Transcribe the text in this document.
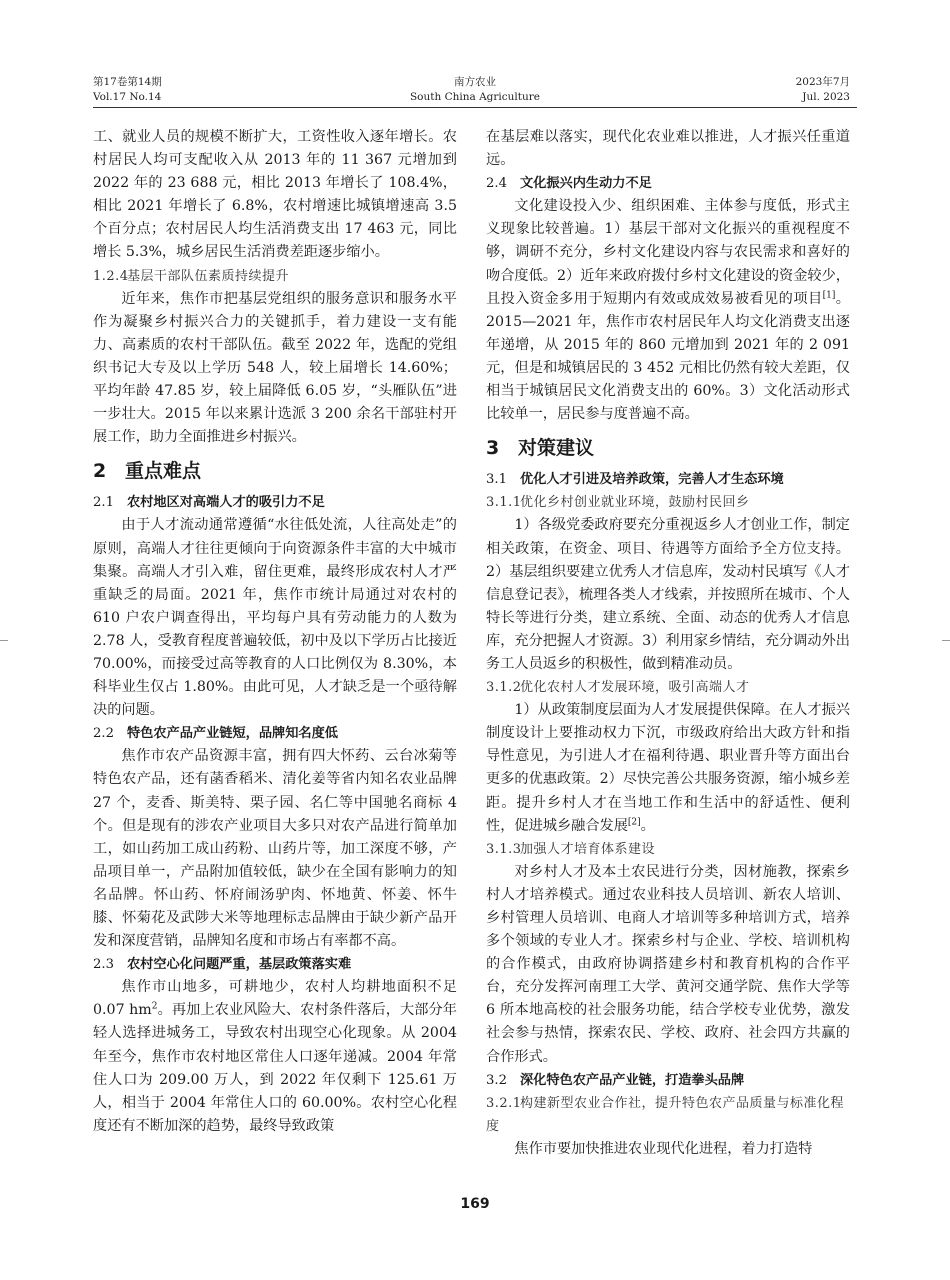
第17卷第14期
Vol.17 No.14
南方农业
South China Agriculture
2023年7月
Jul. 2023

工、就业人员的规模不断扩大，工资性收入逐年增长。农村居民人均可支配收入从 2013 年的 11 367 元增加到 2022 年的 23 688 元，相比 2013 年增长了 108.4%，相比 2021 年增长了 6.8%，农村增速比城镇增速高 3.5 个百分点；农村居民人均生活消费支出 17 463 元，同比增长 5.3%，城乡居民生活消费差距逐步缩小。

1.2.4基层干部队伍素质持续提升

近年来，焦作市把基层党组织的服务意识和服务水平作为凝聚乡村振兴合力的关键抓手，着力建设一支有能力、高素质的农村干部队伍。截至 2022 年，选配的党组织书记大专及以上学历 548 人，较上届增长 14.60%；平均年龄 47.85 岁，较上届降低 6.05 岁，“头雁队伍”进一步壮大。2015 年以来累计选派 3 200 余名干部驻村开展工作，助力全面推进乡村振兴。

2 重点难点
2.1 农村地区对高端人才的吸引力不足

由于人才流动通常遵循“水往低处流，人往高处走”的原则，高端人才往往更倾向于向资源条件丰富的大中城市集聚。高端人才引入难，留住更难，最终形成农村人才严重缺乏的局面。2021 年，焦作市统计局通过对农村的 610 户农户调查得出，平均每户具有劳动能力的人数为 2.78 人，受教育程度普遍较低，初中及以下学历占比接近 70.00%，而接受过高等教育的人口比例仅为 8.30%，本科毕业生仅占 1.80%。由此可见，人才缺乏是一个亟待解决的问题。

2.2 特色农产品产业链短，品牌知名度低

焦作市农产品资源丰富，拥有四大怀药、云台冰菊等特色农产品，还有菡香稻米、清化姜等省内知名农业品牌 27 个，麦香、斯美特、栗子园、名仁等中国驰名商标 4 个。但是现有的涉农产业项目大多只对农产品进行简单加工，如山药加工成山药粉、山药片等，加工深度不够，产品项目单一，产品附加值较低，缺少在全国有影响力的知名品牌。怀山药、怀府闹汤驴肉、怀地黄、怀姜、怀牛膝、怀菊花及武陟大米等地理标志品牌由于缺少新产品开发和深度营销，品牌知名度和市场占有率都不高。

2.3 农村空心化问题严重，基层政策落实难

焦作市山地多，可耕地少，农村人均耕地面积不足 0.07 $hm^2$。再加上农业风险大、农村条件落后，大部分年轻人选择进城务工，导致农村出现空心化现象。从 2004 年至今，焦作市农村地区常住人口逐年递减。2004 年常住人口为 209.00 万人，到 2022 年仅剩下 125.61 万人，相当于 2004 年常住人口的 60.00%。农村空心化程度还有不断加深的趋势，最终导致政策

在基层难以落实，现代化农业难以推进，人才振兴任重道远。

2.4 文化振兴内生动力不足

文化建设投入少、组织困难、主体参与度低，形式主义现象比较普遍。1）基层干部对文化振兴的重视程度不够，调研不充分，乡村文化建设内容与农民需求和喜好的吻合度低。2）近年来政府拨付乡村文化建设的资金较少，且投入资金多用于短期内有效或成效易被看见的项目[1]。2015—2021 年，焦作市农村居民年人均文化消费支出逐年递增，从 2015 年的 860 元增加到 2021 年的 2 091 元，但是和城镇居民的 3 452 元相比仍然有较大差距，仅相当于城镇居民文化消费支出的 60%。3）文化活动形式比较单一，居民参与度普遍不高。

3 对策建议
3.1 优化人才引进及培养政策，完善人才生态环境
3.1.1优化乡村创业就业环境，鼓励村民回乡

1）各级党委政府要充分重视返乡人才创业工作，制定相关政策，在资金、项目、待遇等方面给予全方位支持。2）基层组织要建立优秀人才信息库，发动村民填写《人才信息登记表》，梳理各类人才线索，并按照所在城市、个人特长等进行分类，建立系统、全面、动态的优秀人才信息库，充分把握人才资源。3）利用家乡情结，充分调动外出务工人员返乡的积极性，做到精准动员。

3.1.2优化农村人才发展环境，吸引高端人才

1）从政策制度层面为人才发展提供保障。在人才振兴制度设计上要推动权力下沉，市级政府给出大政方针和指导性意见，为引进人才在福利待遇、职业晋升等方面出台更多的优惠政策。2）尽快完善公共服务资源，缩小城乡差距。提升乡村人才在当地工作和生活中的舒适性、便利性，促进城乡融合发展[2]。

3.1.3加强人才培育体系建设

对乡村人才及本土农民进行分类，因材施教，探索乡村人才培养模式。通过农业科技人员培训、新农人培训、乡村管理人员培训、电商人才培训等多种培训方式，培养多个领域的专业人才。探索乡村与企业、学校、培训机构的合作模式，由政府协调搭建乡村和教育机构的合作平台，充分发挥河南理工大学、黄河交通学院、焦作大学等 6 所本地高校的社会服务功能，结合学校专业优势，激发社会参与热情，探索农民、学校、政府、社会四方共赢的合作形式。

3.2 深化特色农产品产业链，打造拳头品牌
3.2.1构建新型农业合作社，提升特色农产品质量与标准化程度

焦作市要加快推进农业现代化进程，着力打造特

169
